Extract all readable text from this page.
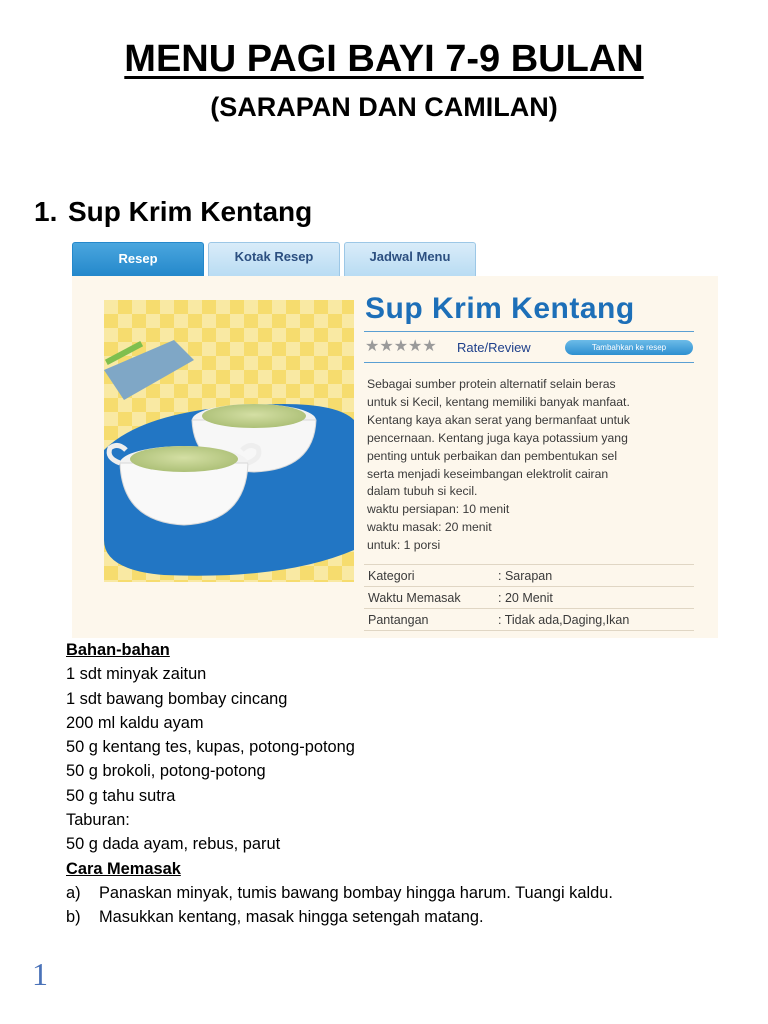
MENU PAGI BAYI 7-9 BULAN
(SARAPAN DAN CAMILAN)
1. Sup Krim Kentang
Resep	Kotak Resep	Jadwal Menu
Sup Krim Kentang
★★★★★ Rate/Review	Tambahkan ke resep

Sebagai sumber protein alternatif selain beras

untuk si Kecil, kentang memiliki banyak manfaat.

Kentang kaya akan serat yang bermanfaat untuk

pencernaan. Kentang juga kaya potassium yang

penting untuk perbaikan dan pembentukan sel

serta menjadi keseimbangan elektrolit cairan

dalam tubuh si kecil.

waktu persiapan: 10 menit

waktu masak: 20 menit

untuk: 1 porsi

Kategori	: Sarapan
Waktu Memasak	: 20 Menit
Pantangan	: Tidak ada,Daging,Ikan
Bahan-bahan
1 sdt minyak zaitun
1 sdt bawang bombay cincang
200 ml kaldu ayam
50 g kentang tes, kupas, potong-potong
50 g brokoli, potong-potong
50 g tahu sutra
Taburan:
50 g dada ayam, rebus, parut
Cara Memasak
a) Panaskan minyak, tumis bawang bombay hingga harum. Tuangi kaldu.
b) Masukkan kentang, masak hingga setengah matang.
1
